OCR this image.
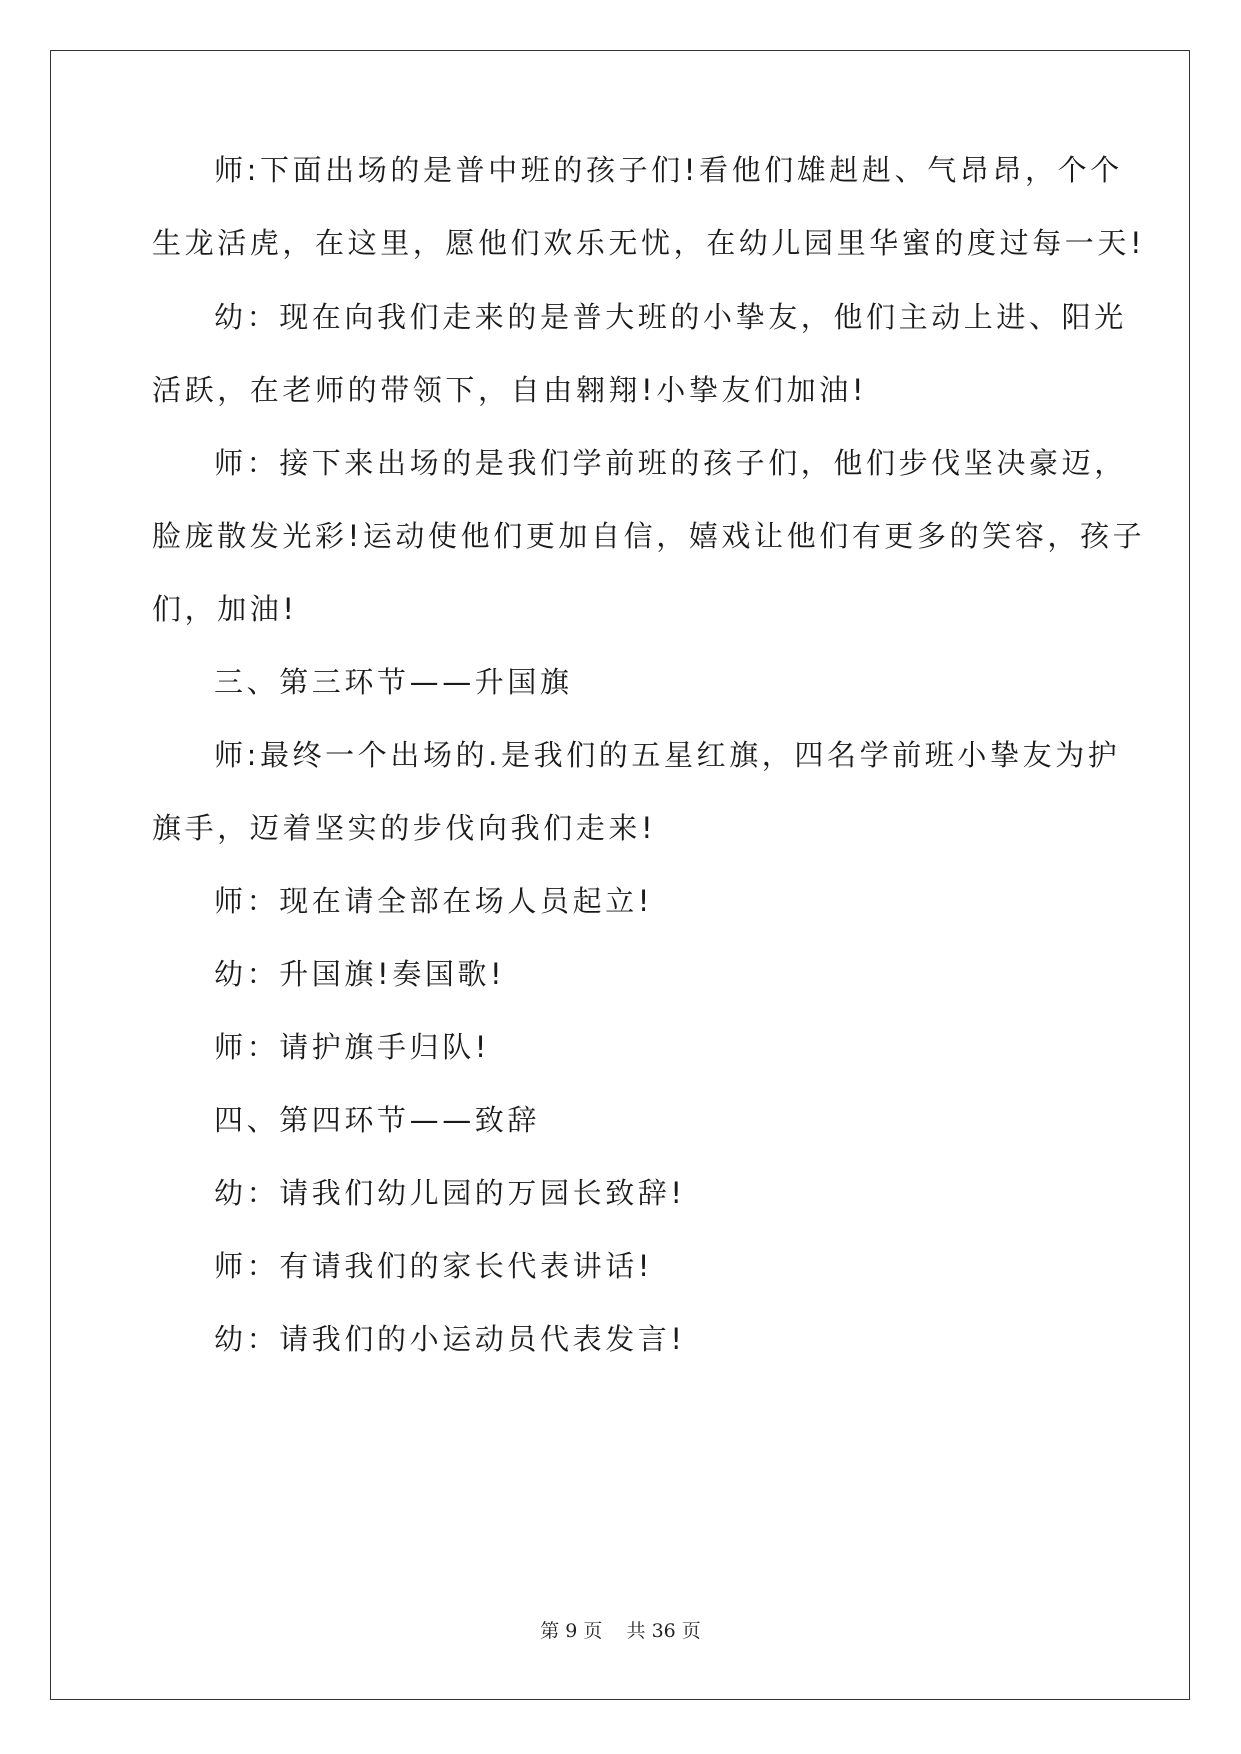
师:下面出场的是普中班的孩子们!看他们雄赳赳、气昂昂，个个
生龙活虎，在这里，愿他们欢乐无忧，在幼儿园里华蜜的度过每一天!
幼：现在向我们走来的是普大班的小挚友，他们主动上进、阳光
活跃，在老师的带领下，自由翱翔!小挚友们加油!
师：接下来出场的是我们学前班的孩子们，他们步伐坚决豪迈，
脸庞散发光彩!运动使他们更加自信，嬉戏让他们有更多的笑容，孩子
们，加油!
三、第三环节——升国旗
师:最终一个出场的.是我们的五星红旗，四名学前班小挚友为护
旗手，迈着坚实的步伐向我们走来!
师：现在请全部在场人员起立!
幼：升国旗!奏国歌!
师：请护旗手归队!
四、第四环节——致辞
幼：请我们幼儿园的万园长致辞!
师：有请我们的家长代表讲话!
幼：请我们的小运动员代表发言!
第 9 页    共 36 页
